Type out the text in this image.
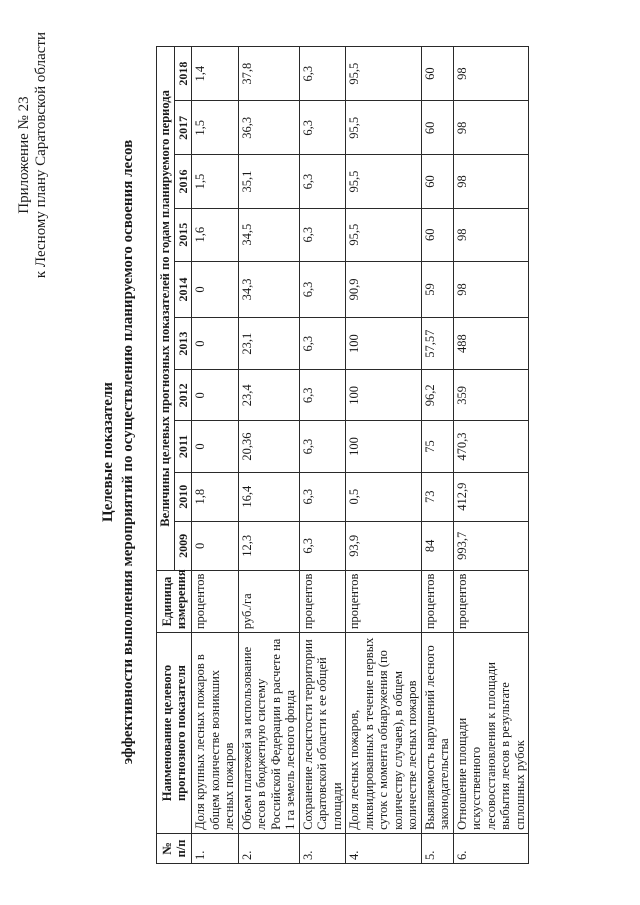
Приложение № 23 к Лесному плану Саратовской области
Целевые показатели эффективности выполнения мероприятий по осуществлению планируемого освоения лесов
№ п/п	Наименование целевого прогнозного показателя	Единица измерения	Величины целевых прогнозных показателей по годам планируемого периода									
			2009	2010	2011	2012	2013	2014	2015	2016	2017	2018
1.	Доля крупных лесных пожаров в общем количестве возникших лесных пожаров	процентов	0	1,8	0	0	0	0	1,6	1,5	1,5	1,4
2.	Объем платежей за использование лесов в бюджетную систему Российской Федерации в расчете на 1 га земель лесного фонда	руб./га	12,3	16,4	20,36	23,4	23,1	34,3	34,5	35,1	36,3	37,8
3.	Сохранение лесистости территории Саратовской области к ее общей площади	процентов	6,3	6,3	6,3	6,3	6,3	6,3	6,3	6,3	6,3	6,3
4.	Доля лесных пожаров, ликвидированных в течение первых суток с момента обнаружения (по количеству случаев), в общем количестве лесных пожаров	процентов	93,9	0,5	100	100	100	90,9	95,5	95,5	95,5	95,5
5.	Выявляемость нарушений лесного законодательства	процентов	84	73	75	96,2	57,57	59	60	60	60	60
6.	Отношение площади искусственного лесовосстановления к площади выбытия лесов в результате сплошных рубок	процентов	993,7	412,9	470,3	359	488	98	98	98	98	98
